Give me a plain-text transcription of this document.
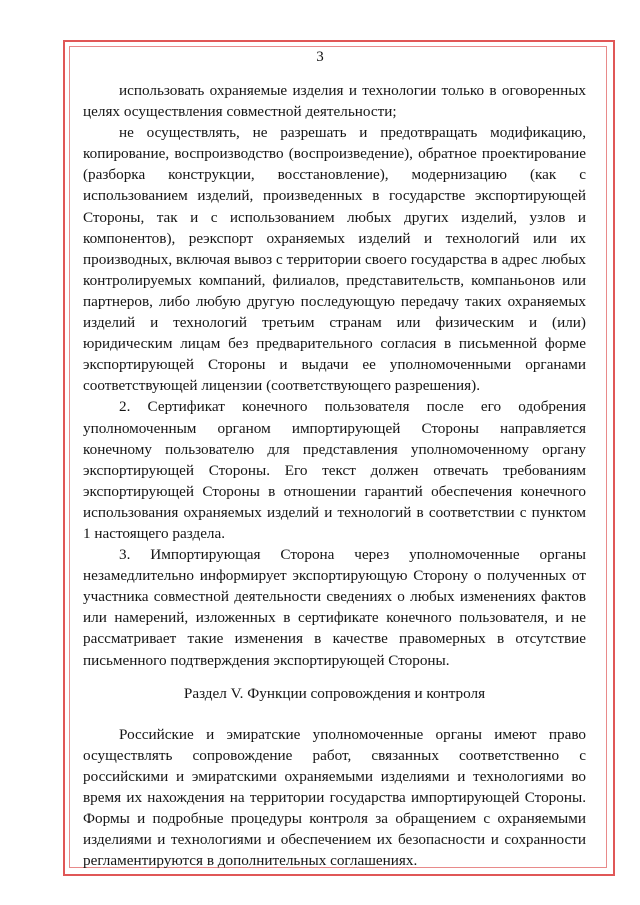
3

использовать охраняемые изделия и технологии только в оговоренных целях осуществления совместной деятельности;

не осуществлять, не разрешать и предотвращать модификацию, копирование, воспроизводство (воспроизведение), обратное проектирование (разборка конструкции, восстановление), модернизацию (как с использованием изделий, произведенных в государстве экспортирующей Стороны, так и с использованием любых других изделий, узлов и компонентов), реэкспорт охраняемых изделий и технологий или их производных, включая вывоз с территории своего государства в адрес любых контролируемых компаний, филиалов, представительств, компаньонов или партнеров, либо любую другую последующую передачу таких охраняемых изделий и технологий третьим странам или физическим и (или) юридическим лицам без предварительного согласия в письменной форме экспортирующей Стороны и выдачи ее уполномоченными органами соответствующей лицензии (соответствующего разрешения).

2. Сертификат конечного пользователя после его одобрения уполномоченным органом импортирующей Стороны направляется конечному пользователю для представления уполномоченному органу экспортирующей Стороны. Его текст должен отвечать требованиям экспортирующей Стороны в отношении гарантий обеспечения конечного использования охраняемых изделий и технологий в соответствии с пунктом 1 настоящего раздела.

3. Импортирующая Сторона через уполномоченные органы незамедлительно информирует экспортирующую Сторону о полученных от участника совместной деятельности сведениях о любых изменениях фактов или намерений, изложенных в сертификате конечного пользователя, и не рассматривает такие изменения в качестве правомерных в отсутствие письменного подтверждения экспортирующей Стороны.

Раздел V. Функции сопровождения и контроля

Российские и эмиратские уполномоченные органы имеют право осуществлять сопровождение работ, связанных соответственно с российскими и эмиратскими охраняемыми изделиями и технологиями во время их нахождения на территории государства импортирующей Стороны. Формы и подробные процедуры контроля за обращением с охраняемыми изделиями и технологиями и обеспечением их безопасности и сохранности регламентируются в дополнительных соглашениях.
